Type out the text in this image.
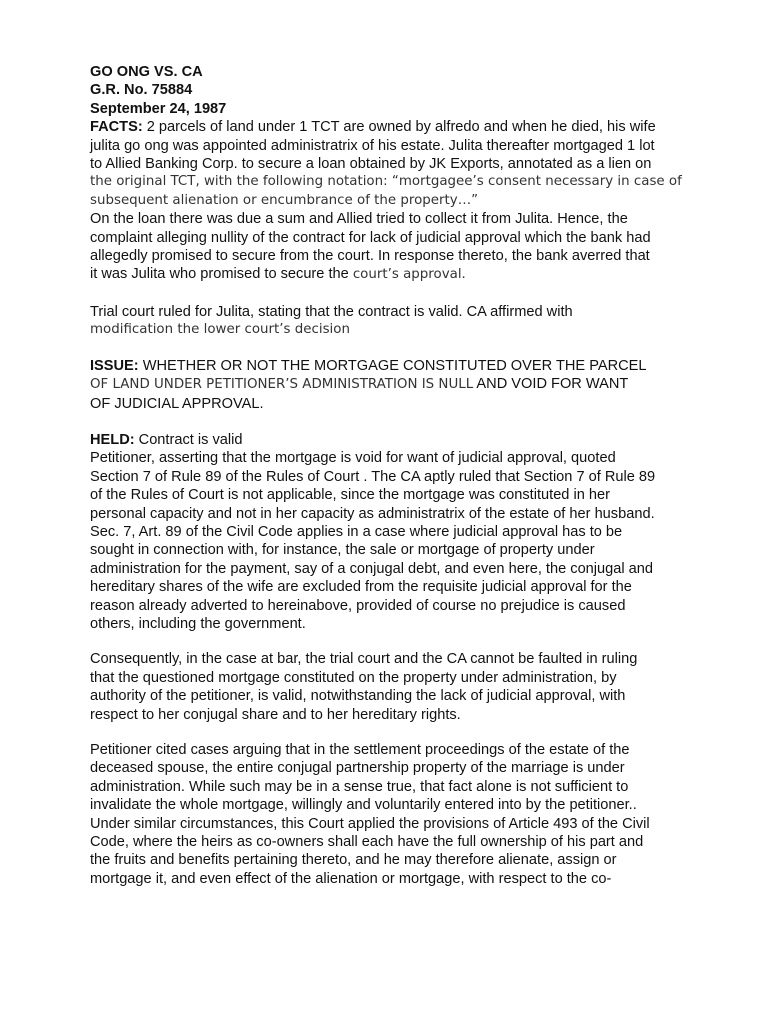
GO ONG VS. CA
G.R. No. 75884
September 24, 1987
FACTS: 2 parcels of land under 1 TCT are owned by alfredo and when he died, his wife
julita go ong was appointed administratrix of his estate. Julita thereafter mortgaged 1 lot
to Allied Banking Corp. to secure a loan obtained by JK Exports, annotated as a lien on
the original TCT, with the following notation: “mortgagee’s consent necessary in case of
subsequent alienation or encumbrance of the property…”
On the loan there was due a sum and Allied tried to collect it from Julita. Hence, the
complaint alleging nullity of the contract for lack of judicial approval which the bank had
allegedly promised to secure from the court. In response thereto, the bank averred that
it was Julita who promised to secure the court’s approval.
Trial court ruled for Julita, stating that the contract is valid. CA affirmed with
modification the lower court’s decision
ISSUE: WHETHER OR NOT THE MORTGAGE CONSTITUTED OVER THE PARCEL
OF LAND UNDER PETITIONER’S ADMINISTRATION IS NULL AND VOID FOR WANT
OF JUDICIAL APPROVAL.
HELD: Contract is valid
Petitioner, asserting that the mortgage is void for want of judicial approval, quoted
Section 7 of Rule 89 of the Rules of Court . The CA aptly ruled that Section 7 of Rule 89
of the Rules of Court is not applicable, since the mortgage was constituted in her
personal capacity and not in her capacity as administratrix of the estate of her husband.
Sec. 7, Art. 89 of the Civil Code applies in a case where judicial approval has to be
sought in connection with, for instance, the sale or mortgage of property under
administration for the payment, say of a conjugal debt, and even here, the conjugal and
hereditary shares of the wife are excluded from the requisite judicial approval for the
reason already adverted to hereinabove, provided of course no prejudice is caused
others, including the government.
Consequently, in the case at bar, the trial court and the CA cannot be faulted in ruling
that the questioned mortgage constituted on the property under administration, by
authority of the petitioner, is valid, notwithstanding the lack of judicial approval, with
respect to her conjugal share and to her hereditary rights.
Petitioner cited cases arguing that in the settlement proceedings of the estate of the
deceased spouse, the entire conjugal partnership property of the marriage is under
administration. While such may be in a sense true, that fact alone is not sufficient to
invalidate the whole mortgage, willingly and voluntarily entered into by the petitioner..
Under similar circumstances, this Court applied the provisions of Article 493 of the Civil
Code, where the heirs as co-owners shall each have the full ownership of his part and
the fruits and benefits pertaining thereto, and he may therefore alienate, assign or
mortgage it, and even effect of the alienation or mortgage, with respect to the co-
